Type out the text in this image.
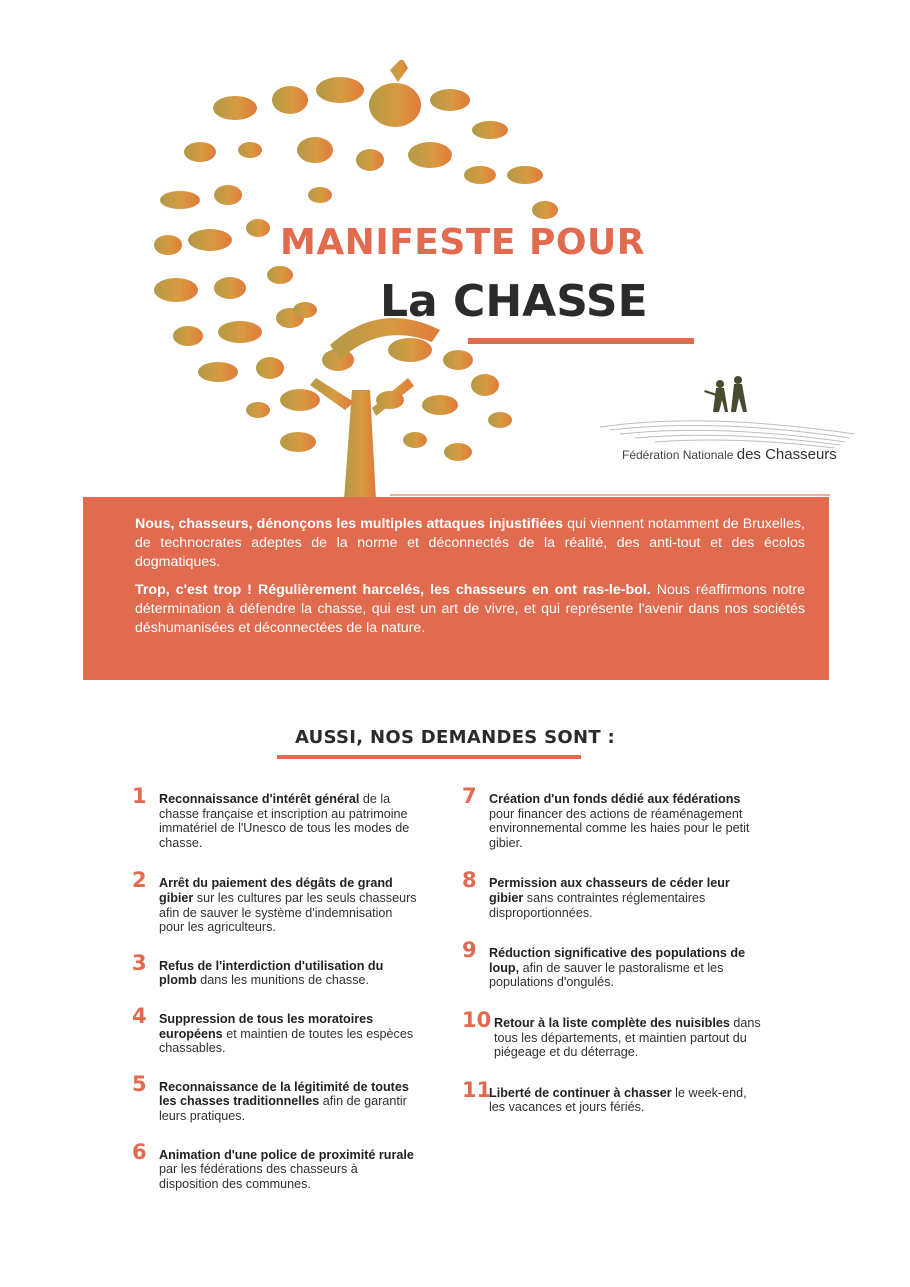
MANIFESTE POUR
La CHASSE
Fédération Nationale des Chasseurs

Nous, chasseurs, dénonçons les multiples attaques injustifiées qui viennent notamment de Bruxelles, de technocrates adeptes de la norme et déconnectés de la réalité, des anti-tout et des écolos dogmatiques.

Trop, c'est trop ! Régulièrement harcelés, les chasseurs en ont ras-le-bol. Nous réaffirmons notre détermination à défendre la chasse, qui est un art de vivre, et qui représente l'avenir dans nos sociétés déshumanisées et déconnectées de la nature.

AUSSI, NOS DEMANDES SONT :
1 Reconnaissance d'intérêt général de la chasse française et inscription au patrimoine immatériel de l'Unesco de tous les modes de chasse.
2 Arrêt du paiement des dégâts de grand gibier sur les cultures par les seuls chasseurs afin de sauver le système d'indemnisation pour les agriculteurs.
3 Refus de l'interdiction d'utilisation du plomb dans les munitions de chasse.
4 Suppression de tous les moratoires européens et maintien de toutes les espèces chassables.
5 Reconnaissance de la légitimité de toutes les chasses traditionnelles afin de garantir leurs pratiques.
6 Animation d'une police de proximité rurale par les fédérations des chasseurs à disposition des communes.
7 Création d'un fonds dédié aux fédérations pour financer des actions de réaménagement environnemental comme les haies pour le petit gibier.
8 Permission aux chasseurs de céder leur gibier sans contraintes réglementaires disproportionnées.
9 Réduction significative des populations de loup, afin de sauver le pastoralisme et les populations d'ongulés.
10 Retour à la liste complète des nuisibles dans tous les départements, et maintien partout du piégeage et du déterrage.
11
Liberté de continuer à chasser le week-end, les vacances et jours fériés.
